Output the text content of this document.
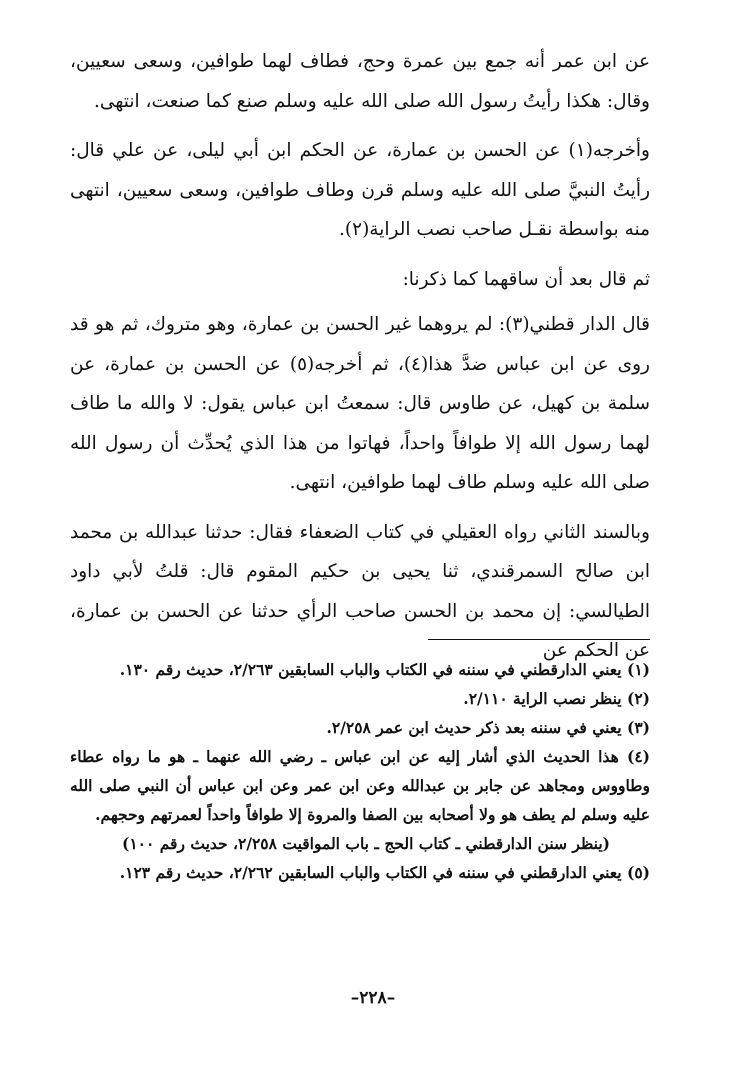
عن ابن عمر أنه جمع بين عمرة وحج، فطاف لهما طوافين، وسعى سعيين، وقال: هكذا رأيتُ رسول الله صلى الله عليه وسلم صنع كما صنعت، انتهى.

وأخرجه(١) عن الحسن بن عمارة، عن الحكم ابن أبي ليلى، عن علي قال: رأيتُ النبيَّ صلى الله عليه وسلم قرن وطاف طوافين، وسعى سعيين، انتهى منه بواسطة نقـل صاحب نصب الراية(٢).

ثم قال بعد أن ساقهما كما ذكرنا:

قال الدار قطني(٣): لم يروهما غير الحسن بن عمارة، وهو متروك، ثم هو قد روى عن ابن عباس ضدَّ هذا(٤)، ثم أخرجه(٥) عن الحسن بن عمارة، عن سلمة بن كهيل، عن طاوس قال: سمعتُ ابن عباس يقول: لا والله ما طاف لهما رسول الله إلا طوافاً واحداً، فهاتوا من هذا الذي يُحدِّث أن رسول الله صلى الله عليه وسلم طاف لهما طوافين، انتهى.

وبالسند الثاني رواه العقيلي في كتاب الضعفاء فقال: حدثنا عبدالله بن محمد ابن صالح السمرقندي، ثنا يحيى بن حكيم المقوم قال: قلتُ لأبي داود الطيالسي: إن محمد بن الحسن صاحب الرأي حدثنا عن الحسن بن عمارة، عن الحكم عن

(١) يعني الدارقطني في سننه في الكتاب والباب السابقين ٢/٢٦٣، حديث رقم ١٣٠.

(٢) ينظر نصب الراية ٢/١١٠.

(٣) يعني في سننه بعد ذكر حديث ابن عمر ٢/٢٥٨.

(٤) هذا الحديث الذي أشار إليه عن ابن عباس ـ رضي الله عنهما ـ هو ما رواه عطاء وطاووس ومجاهد عن جابر بن عبدالله وعن ابن عمر وعن ابن عباس أن النبي صلى الله عليه وسلم لم يطف هو ولا أصحابه بين الصفا والمروة إلا طوافاً واحداً لعمرتهم وحجهم.

(ينظر سنن الدارقطني ـ كتاب الحج ـ باب المواقيت ٢/٢٥٨، حديث رقم ١٠٠)

(٥) يعني الدارقطني في سننه في الكتاب والباب السابقين ٢/٢٦٢، حديث رقم ١٢٣.

–٢٢٨–
